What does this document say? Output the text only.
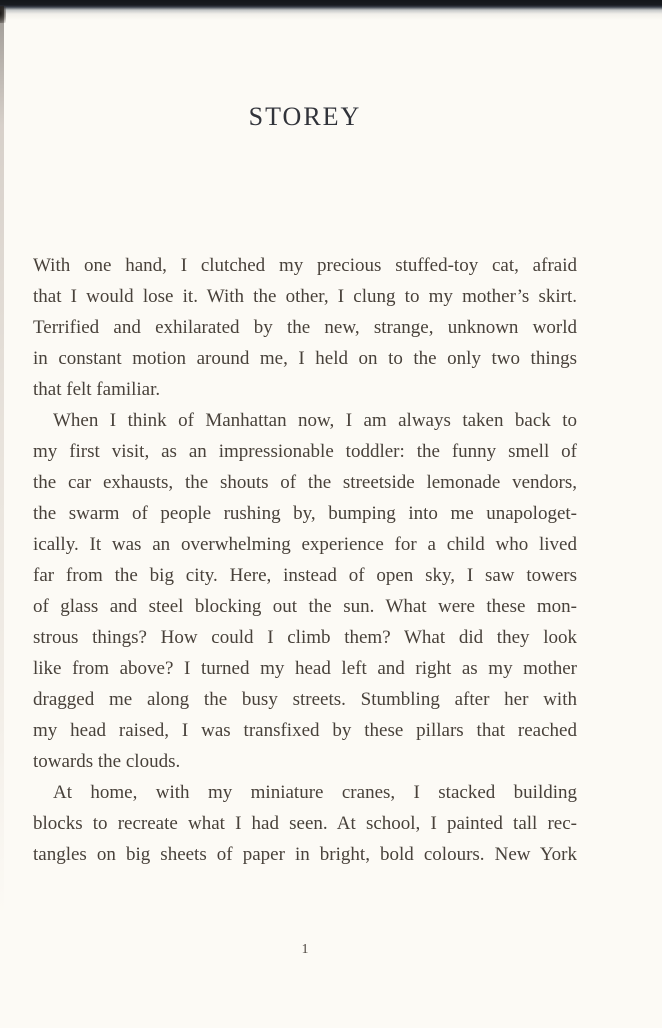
STOREY
With one hand, I clutched my precious stuffed-toy cat, afraid
that I would lose it. With the other, I clung to my mother’s skirt.
Terrified and exhilarated by the new, strange, unknown world
in constant motion around me, I held on to the only two things
that felt familiar.
When I think of Manhattan now, I am always taken back to
my first visit, as an impressionable toddler: the funny smell of
the car exhausts, the shouts of the streetside lemonade vendors,
the swarm of people rushing by, bumping into me unapologet-
ically. It was an overwhelming experience for a child who lived
far from the big city. Here, instead of open sky, I saw towers
of glass and steel blocking out the sun. What were these mon-
strous things? How could I climb them? What did they look
like from above? I turned my head left and right as my mother
dragged me along the busy streets. Stumbling after her with
my head raised, I was transfixed by these pillars that reached
towards the clouds.
At home, with my miniature cranes, I stacked building
blocks to recreate what I had seen. At school, I painted tall rec-
tangles on big sheets of paper in bright, bold colours. New York
1
